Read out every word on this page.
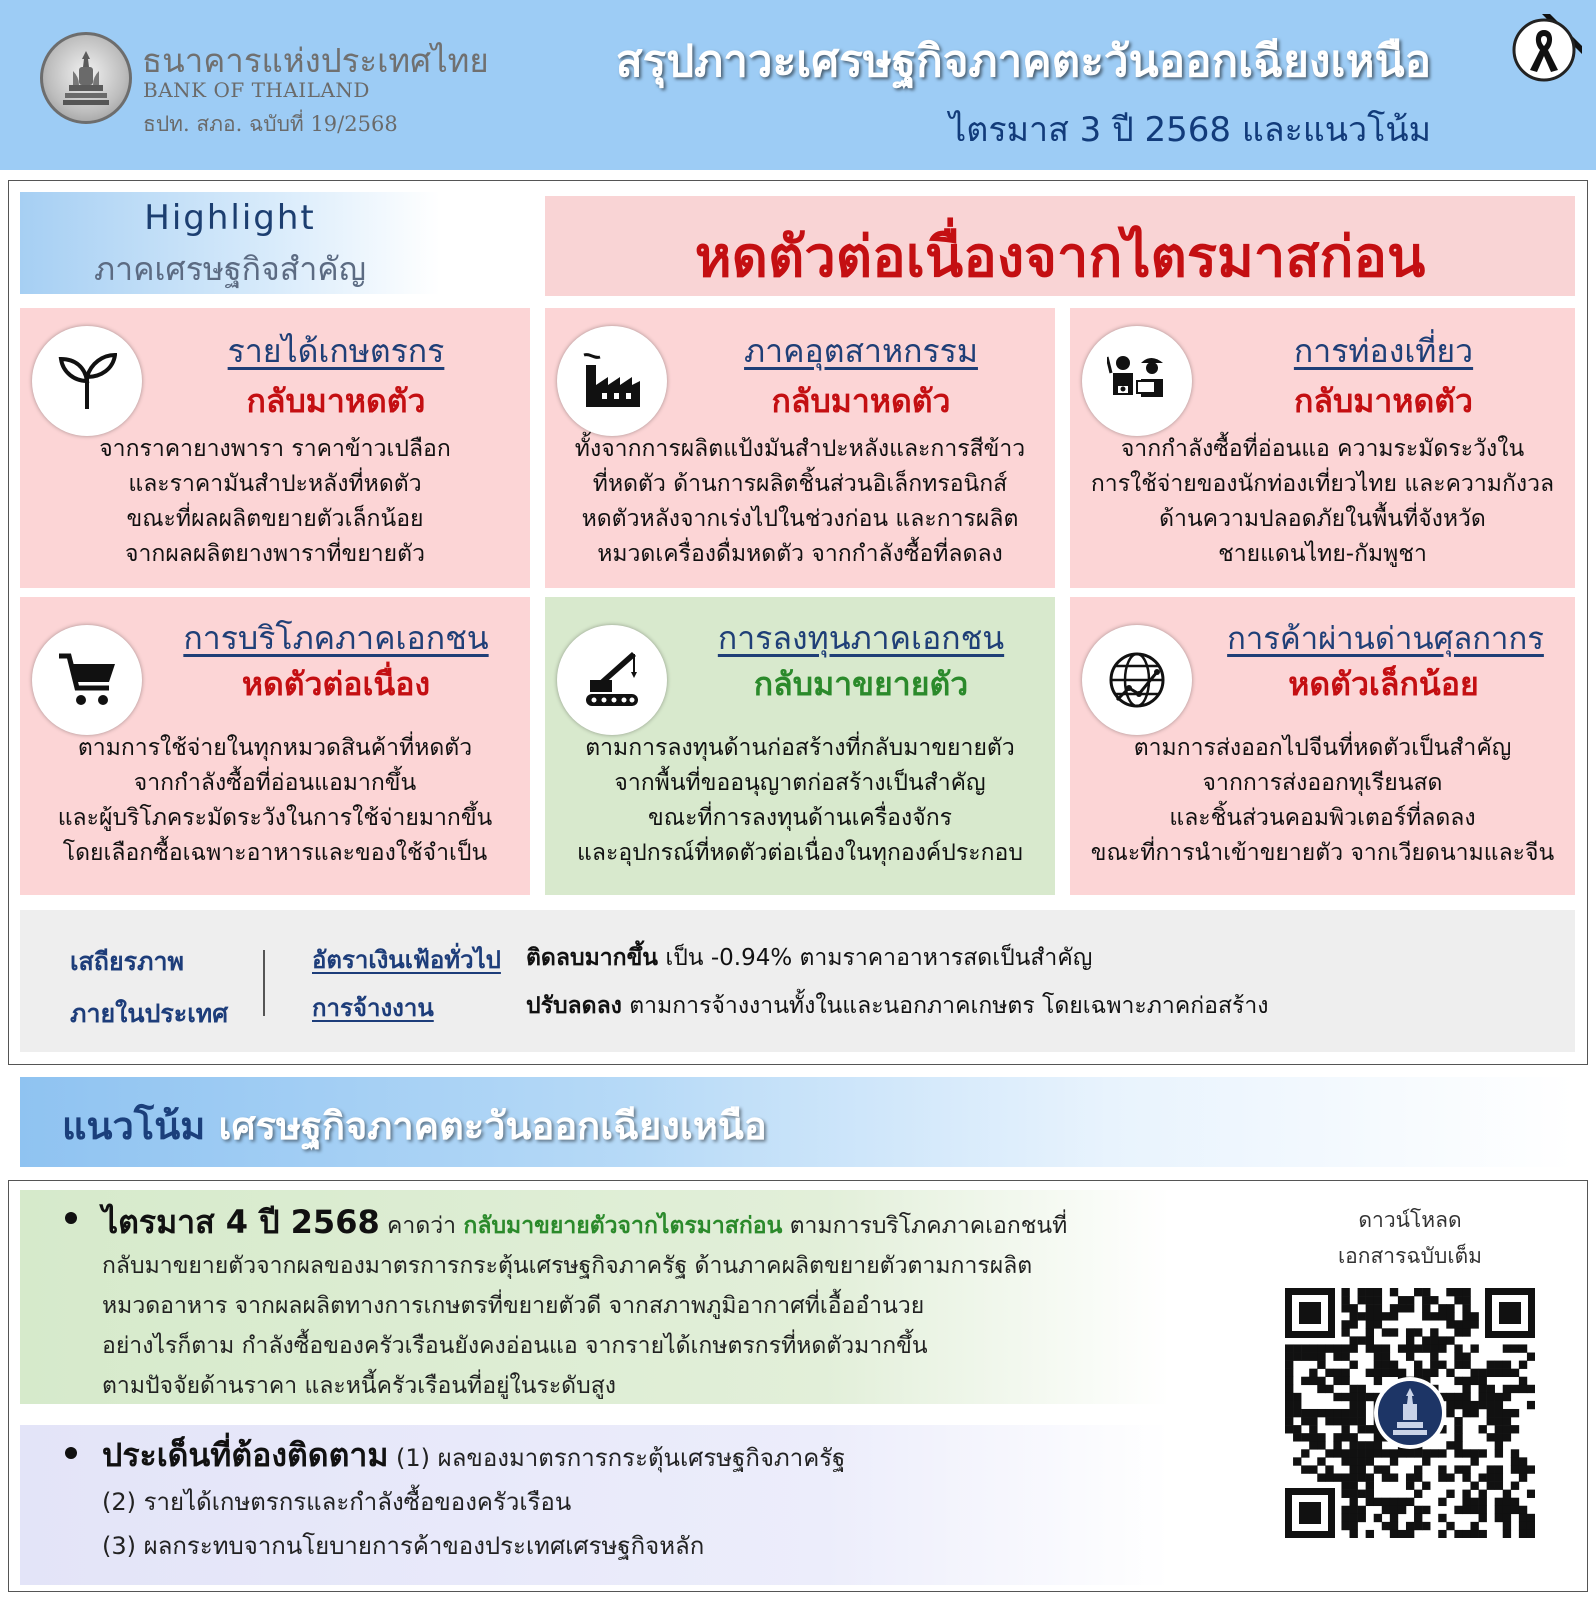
ธนาคารแห่งประเทศไทย
BANK OF THAILAND
ธปท. สภอ. ฉบับที่ 19/2568
สรุปภาวะเศรษฐกิจภาคตะวันออกเฉียงเหนือ
ไตรมาส 3 ปี 2568 และแนวโน้ม
Highlight
ภาคเศรษฐกิจสำคัญ	หดตัวต่อเนื่องจากไตรมาสก่อน
รายได้เกษตรกร
กลับมาหดตัว
จากราคายางพารา ราคาข้าวเปลือก
และราคามันสำปะหลังที่หดตัว
ขณะที่ผลผลิตขยายตัวเล็กน้อย
จากผลผลิตยางพาราที่ขยายตัว
ภาคอุตสาหกรรม
กลับมาหดตัว
ทั้งจากการผลิตแป้งมันสำปะหลังและการสีข้าว
ที่หดตัว ด้านการผลิตชิ้นส่วนอิเล็กทรอนิกส์
หดตัวหลังจากเร่งไปในช่วงก่อน และการผลิต
หมวดเครื่องดื่มหดตัว จากกำลังซื้อที่ลดลง
การท่องเที่ยว
กลับมาหดตัว
จากกำลังซื้อที่อ่อนแอ ความระมัดระวังใน
การใช้จ่ายของนักท่องเที่ยวไทย และความกังวล
ด้านความปลอดภัยในพื้นที่จังหวัด
ชายแดนไทย-กัมพูชา
การบริโภคภาคเอกชน
หดตัวต่อเนื่อง
ตามการใช้จ่ายในทุกหมวดสินค้าที่หดตัว
จากกำลังซื้อที่อ่อนแอมากขึ้น
และผู้บริโภคระมัดระวังในการใช้จ่ายมากขึ้น
โดยเลือกซื้อเฉพาะอาหารและของใช้จำเป็น
การลงทุนภาคเอกชน
กลับมาขยายตัว
ตามการลงทุนด้านก่อสร้างที่กลับมาขยายตัว
จากพื้นที่ขออนุญาตก่อสร้างเป็นสำคัญ
ขณะที่การลงทุนด้านเครื่องจักร
และอุปกรณ์ที่หดตัวต่อเนื่องในทุกองค์ประกอบ
การค้าผ่านด่านศุลกากร
หดตัวเล็กน้อย
ตามการส่งออกไปจีนที่หดตัวเป็นสำคัญ
จากการส่งออกทุเรียนสด
และชิ้นส่วนคอมพิวเตอร์ที่ลดลง
ขณะที่การนำเข้าขยายตัว จากเวียดนามและจีน
เสถียรภาพ
ภายในประเทศ
อัตราเงินเฟ้อทั่วไป ติดลบมากขึ้น เป็น -0.94% ตามราคาอาหารสดเป็นสำคัญ
การจ้างงาน	ปรับลดลง ตามการจ้างงานทั้งในและนอกภาคเกษตร โดยเฉพาะภาคก่อสร้าง
แนวโน้ม เศรษฐกิจภาคตะวันออกเฉียงเหนือ
ไตรมาส 4 ปี 2568 คาดว่า กลับมาขยายตัวจากไตรมาสก่อน ตามการบริโภคภาคเอกชนที่
กลับมาขยายตัวจากผลของมาตรการกระตุ้นเศรษฐกิจภาครัฐ ด้านภาคผลิตขยายตัวตามการผลิต
หมวดอาหาร จากผลผลิตทางการเกษตรที่ขยายตัวดี จากสภาพภูมิอากาศที่เอื้ออำนวย
อย่างไรก็ตาม กำลังซื้อของครัวเรือนยังคงอ่อนแอ จากรายได้เกษตรกรที่หดตัวมากขึ้น
ตามปัจจัยด้านราคา และหนี้ครัวเรือนที่อยู่ในระดับสูง
ประเด็นที่ต้องติดตาม (1) ผลของมาตรการกระตุ้นเศรษฐกิจภาครัฐ
(2) รายได้เกษตรกรและกำลังซื้อของครัวเรือน
(3) ผลกระทบจากนโยบายการค้าของประเทศเศรษฐกิจหลัก
ดาวน์โหลด
เอกสารฉบับเต็ม
